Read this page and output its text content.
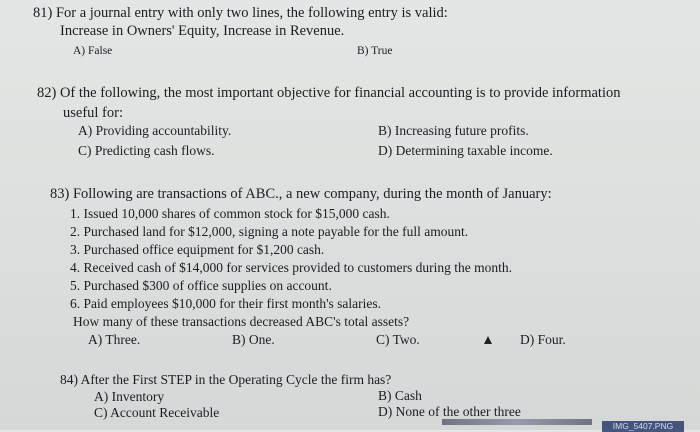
81) For a journal entry with only two lines, the following entry is valid:
Increase in Owners' Equity, Increase in Revenue.
A) False	B) True
82) Of the following, the most important objective for financial accounting is to provide information
useful for:
A) Providing accountability.	B) Increasing future profits.
C) Predicting cash flows.	D) Determining taxable income.
83) Following are transactions of ABC., a new company, during the month of January:
1. Issued 10,000 shares of common stock for $15,000 cash.
2. Purchased land for $12,000, signing a note payable for the full amount.
3. Purchased office equipment for $1,200 cash.
4. Received cash of $14,000 for services provided to customers during the month.
5. Purchased $300 of office supplies on account.
6. Paid employees $10,000 for their first month's salaries.
How many of these transactions decreased ABC's total assets?
A) Three.	B) One.	C) Two.	D) Four.
84) After the First STEP in the Operating Cycle the firm has?
A) Inventory	B) Cash
C) Account Receivable	D) None of the other three
IMG_5407.PNG
